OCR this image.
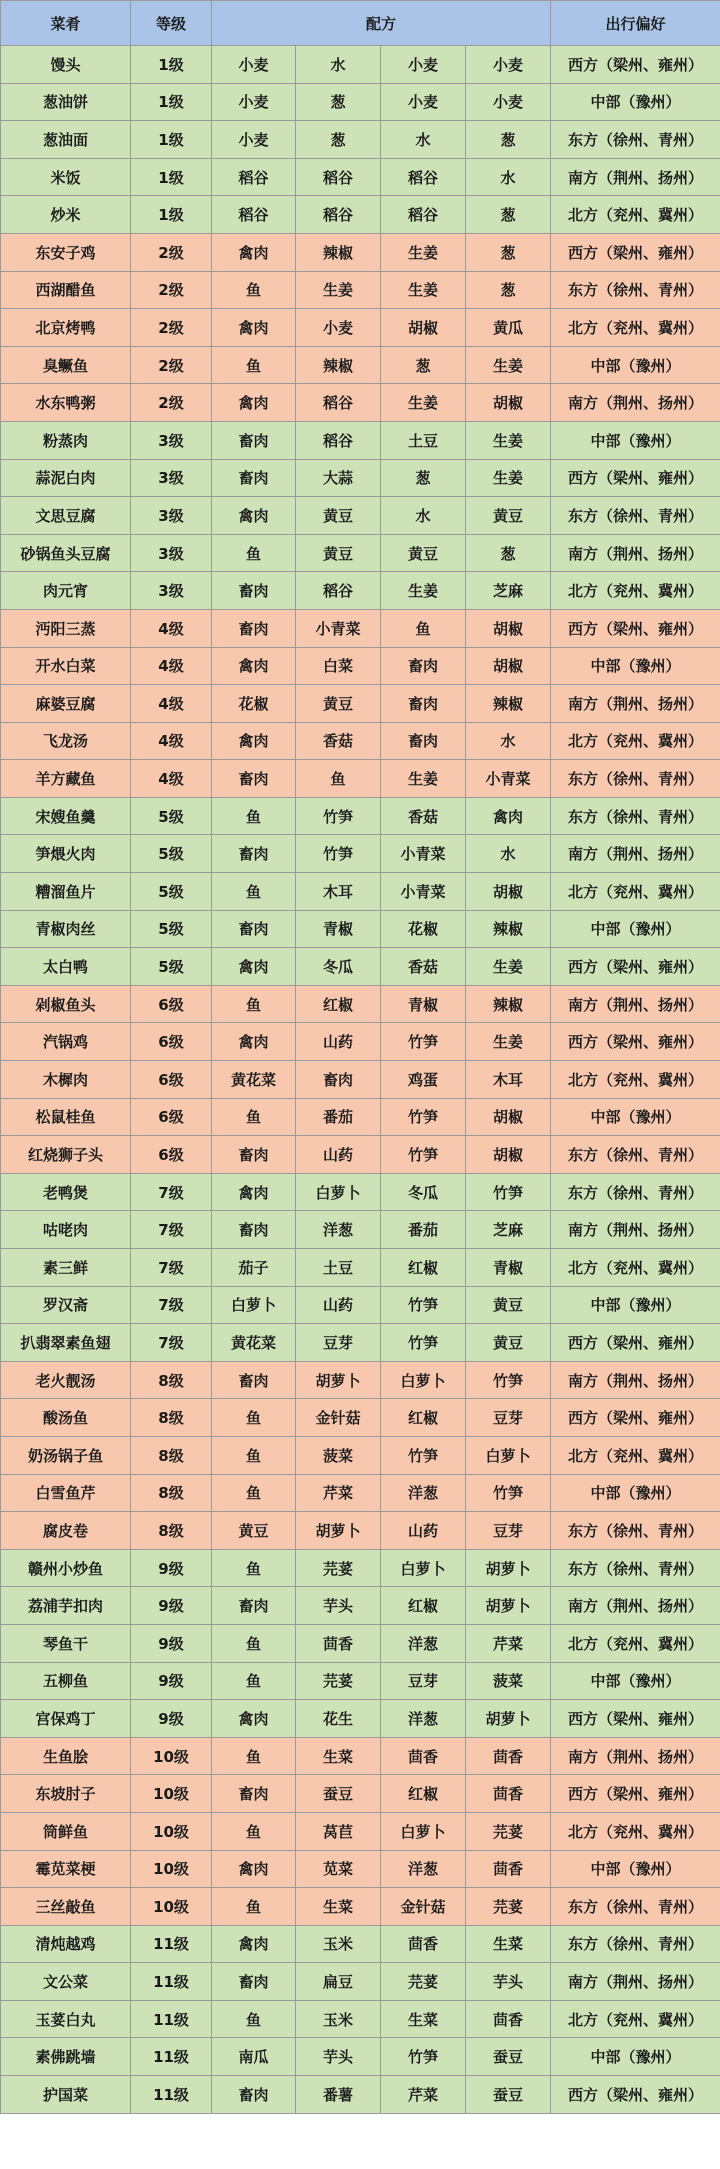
菜肴	等级	配方				出行偏好
馒头	1级	小麦	水	小麦	小麦	西方（梁州、雍州）
葱油饼	1级	小麦	葱	小麦	小麦	中部（豫州）
葱油面	1级	小麦	葱	水	葱	东方（徐州、青州）
米饭	1级	稻谷	稻谷	稻谷	水	南方（荆州、扬州）
炒米	1级	稻谷	稻谷	稻谷	葱	北方（兖州、冀州）
东安子鸡	2级	禽肉	辣椒	生姜	葱	西方（梁州、雍州）
西湖醋鱼	2级	鱼	生姜	生姜	葱	东方（徐州、青州）
北京烤鸭	2级	禽肉	小麦	胡椒	黄瓜	北方（兖州、冀州）
臭鳜鱼	2级	鱼	辣椒	葱	生姜	中部（豫州）
水东鸭粥	2级	禽肉	稻谷	生姜	胡椒	南方（荆州、扬州）
粉蒸肉	3级	畜肉	稻谷	土豆	生姜	中部（豫州）
蒜泥白肉	3级	畜肉	大蒜	葱	生姜	西方（梁州、雍州）
文思豆腐	3级	禽肉	黄豆	水	黄豆	东方（徐州、青州）
砂锅鱼头豆腐	3级	鱼	黄豆	黄豆	葱	南方（荆州、扬州）
肉元宵	3级	畜肉	稻谷	生姜	芝麻	北方（兖州、冀州）
沔阳三蒸	4级	畜肉	小青菜	鱼	胡椒	西方（梁州、雍州）
开水白菜	4级	禽肉	白菜	畜肉	胡椒	中部（豫州）
麻婆豆腐	4级	花椒	黄豆	畜肉	辣椒	南方（荆州、扬州）
飞龙汤	4级	禽肉	香菇	畜肉	水	北方（兖州、冀州）
羊方藏鱼	4级	畜肉	鱼	生姜	小青菜	东方（徐州、青州）
宋嫂鱼羹	5级	鱼	竹笋	香菇	禽肉	东方（徐州、青州）
笋煨火肉	5级	畜肉	竹笋	小青菜	水	南方（荆州、扬州）
糟溜鱼片	5级	鱼	木耳	小青菜	胡椒	北方（兖州、冀州）
青椒肉丝	5级	畜肉	青椒	花椒	辣椒	中部（豫州）
太白鸭	5级	禽肉	冬瓜	香菇	生姜	西方（梁州、雍州）
剁椒鱼头	6级	鱼	红椒	青椒	辣椒	南方（荆州、扬州）
汽锅鸡	6级	禽肉	山药	竹笋	生姜	西方（梁州、雍州）
木樨肉	6级	黄花菜	畜肉	鸡蛋	木耳	北方（兖州、冀州）
松鼠桂鱼	6级	鱼	番茄	竹笋	胡椒	中部（豫州）
红烧狮子头	6级	畜肉	山药	竹笋	胡椒	东方（徐州、青州）
老鸭煲	7级	禽肉	白萝卜	冬瓜	竹笋	东方（徐州、青州）
咕咾肉	7级	畜肉	洋葱	番茄	芝麻	南方（荆州、扬州）
素三鲜	7级	茄子	土豆	红椒	青椒	北方（兖州、冀州）
罗汉斋	7级	白萝卜	山药	竹笋	黄豆	中部（豫州）
扒翡翠素鱼翅	7级	黄花菜	豆芽	竹笋	黄豆	西方（梁州、雍州）
老火靓汤	8级	畜肉	胡萝卜	白萝卜	竹笋	南方（荆州、扬州）
酸汤鱼	8级	鱼	金针菇	红椒	豆芽	西方（梁州、雍州）
奶汤锅子鱼	8级	鱼	菠菜	竹笋	白萝卜	北方（兖州、冀州）
白雪鱼芹	8级	鱼	芹菜	洋葱	竹笋	中部（豫州）
腐皮卷	8级	黄豆	胡萝卜	山药	豆芽	东方（徐州、青州）
赣州小炒鱼	9级	鱼	芫荽	白萝卜	胡萝卜	东方（徐州、青州）
荔浦芋扣肉	9级	畜肉	芋头	红椒	胡萝卜	南方（荆州、扬州）
琴鱼干	9级	鱼	茴香	洋葱	芹菜	北方（兖州、冀州）
五柳鱼	9级	鱼	芫荽	豆芽	菠菜	中部（豫州）
宫保鸡丁	9级	禽肉	花生	洋葱	胡萝卜	西方（梁州、雍州）
生鱼脍	10级	鱼	生菜	茴香	茴香	南方（荆州、扬州）
东坡肘子	10级	畜肉	蚕豆	红椒	茴香	西方（梁州、雍州）
筒鲜鱼	10级	鱼	莴苣	白萝卜	芫荽	北方（兖州、冀州）
霉苋菜梗	10级	禽肉	苋菜	洋葱	茴香	中部（豫州）
三丝敲鱼	10级	鱼	生菜	金针菇	芫荽	东方（徐州、青州）
清炖越鸡	11级	禽肉	玉米	茴香	生菜	东方（徐州、青州）
文公菜	11级	畜肉	扁豆	芫荽	芋头	南方（荆州、扬州）
玉荽白丸	11级	鱼	玉米	生菜	茴香	北方（兖州、冀州）
素佛跳墙	11级	南瓜	芋头	竹笋	蚕豆	中部（豫州）
护国菜	11级	畜肉	番薯	芹菜	蚕豆	西方（梁州、雍州）
